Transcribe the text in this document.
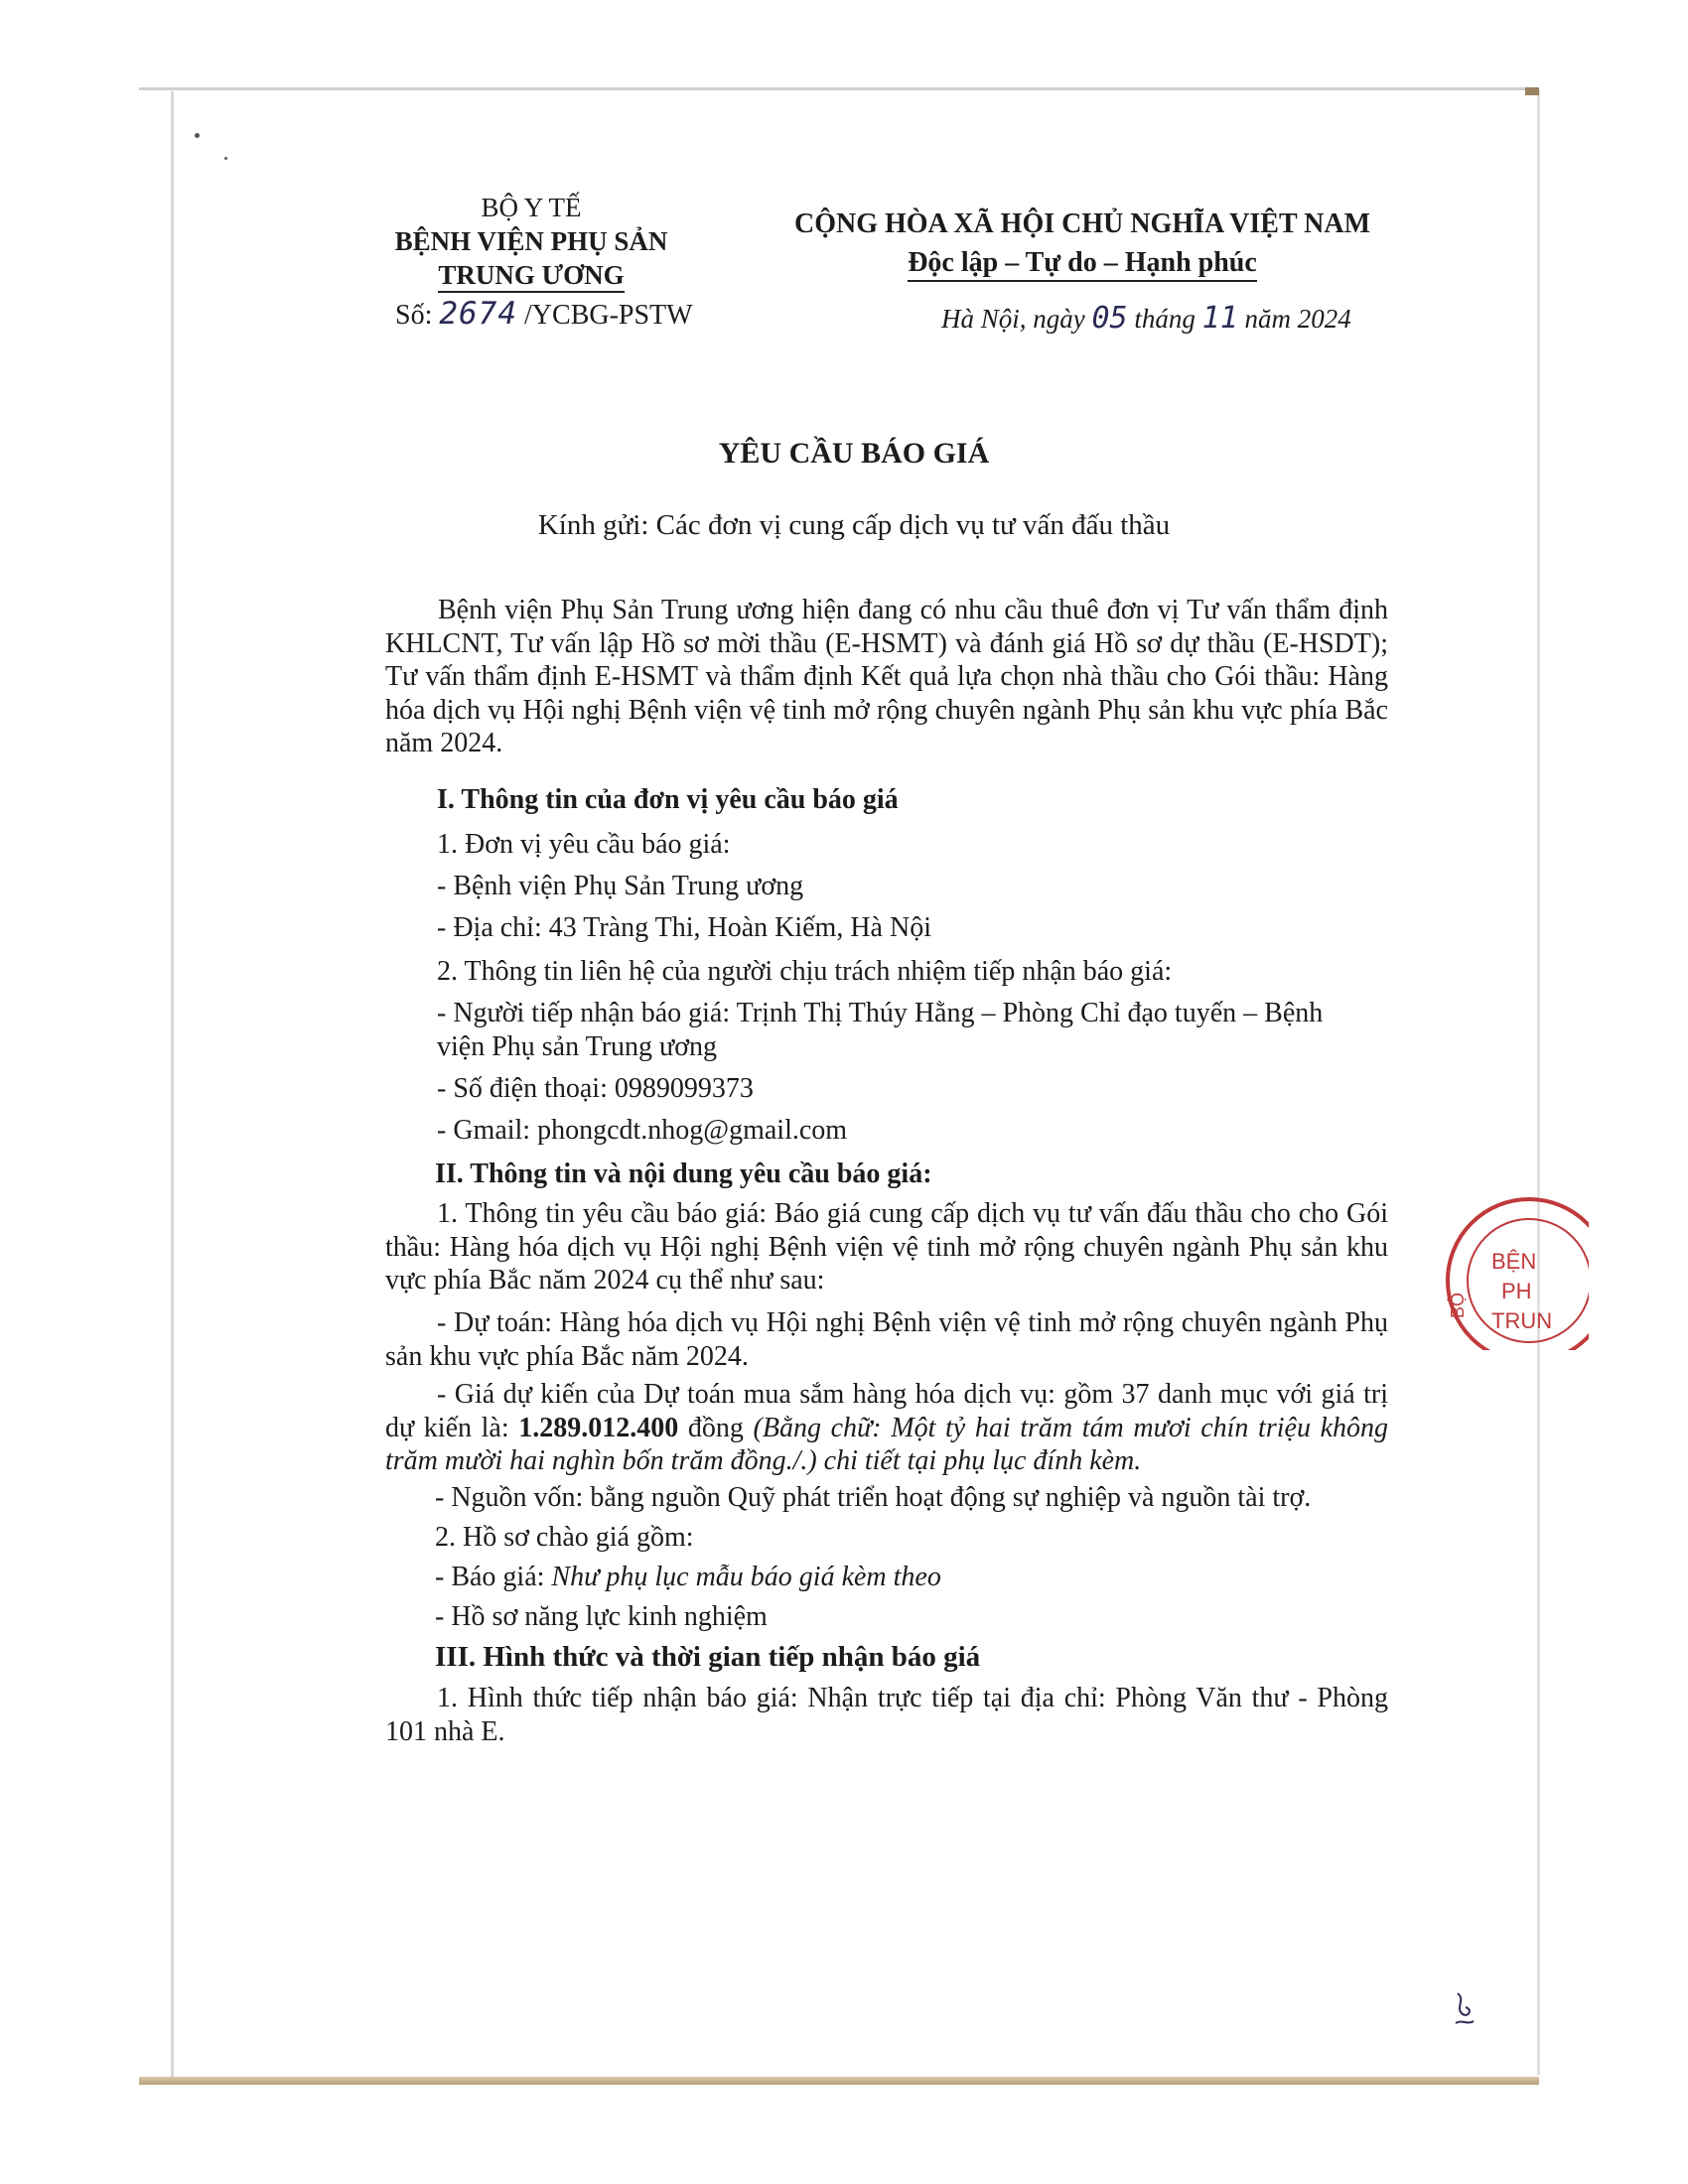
BỘ Y TẾ
BỆNH VIỆN PHỤ SẢN
TRUNG ƯƠNG
Số: 2674 /YCBG-PSTW
CỘNG HÒA XÃ HỘI CHỦ NGHĨA VIỆT NAM
Độc lập – Tự do – Hạnh phúc
Hà Nội, ngày 05 tháng 11 năm 2024
YÊU CẦU BÁO GIÁ
Kính gửi: Các đơn vị cung cấp dịch vụ tư vấn đấu thầu
Bệnh viện Phụ Sản Trung ương hiện đang có nhu cầu thuê đơn vị Tư vấn thẩm định KHLCNT, Tư vấn lập Hồ sơ mời thầu (E-HSMT) và đánh giá Hồ sơ dự thầu (E-HSDT); Tư vấn thẩm định E-HSMT và thẩm định Kết quả lựa chọn nhà thầu cho Gói thầu: Hàng hóa dịch vụ Hội nghị Bệnh viện vệ tinh mở rộng chuyên ngành Phụ sản khu vực phía Bắc năm 2024.
I. Thông tin của đơn vị yêu cầu báo giá
1. Đơn vị yêu cầu báo giá:
- Bệnh viện Phụ Sản Trung ương
- Địa chỉ: 43 Tràng Thi, Hoàn Kiếm, Hà Nội
2. Thông tin liên hệ của người chịu trách nhiệm tiếp nhận báo giá:
- Người tiếp nhận báo giá: Trịnh Thị Thúy Hằng – Phòng Chỉ đạo tuyến – Bệnh
viện Phụ sản Trung ương
- Số điện thoại: 0989099373
- Gmail: phongcdt.nhog@gmail.com
II. Thông tin và nội dung yêu cầu báo giá:
1. Thông tin yêu cầu báo giá: Báo giá cung cấp dịch vụ tư vấn đấu thầu cho cho Gói thầu: Hàng hóa dịch vụ Hội nghị Bệnh viện vệ tinh mở rộng chuyên ngành Phụ sản khu vực phía Bắc năm 2024 cụ thể như sau:
- Dự toán: Hàng hóa dịch vụ Hội nghị Bệnh viện vệ tinh mở rộng chuyên ngành Phụ sản khu vực phía Bắc năm 2024.
- Giá dự kiến của Dự toán mua sắm hàng hóa dịch vụ: gồm 37 danh mục với giá trị dự kiến là: 1.289.012.400 đồng (Bằng chữ: Một tỷ hai trăm tám mươi chín triệu không trăm mười hai nghìn bốn trăm đồng./.) chi tiết tại phụ lục đính kèm.
- Nguồn vốn: bằng nguồn Quỹ phát triển hoạt động sự nghiệp và nguồn tài trợ.
2. Hồ sơ chào giá gồm:
- Báo giá: Như phụ lục mẫu báo giá kèm theo
- Hồ sơ năng lực kinh nghiệm
III. Hình thức và thời gian tiếp nhận báo giá
1. Hình thức tiếp nhận báo giá: Nhận trực tiếp tại địa chỉ: Phòng Văn thư - Phòng 101 nhà E.
BỆN
PH
TRUN
BỘ
